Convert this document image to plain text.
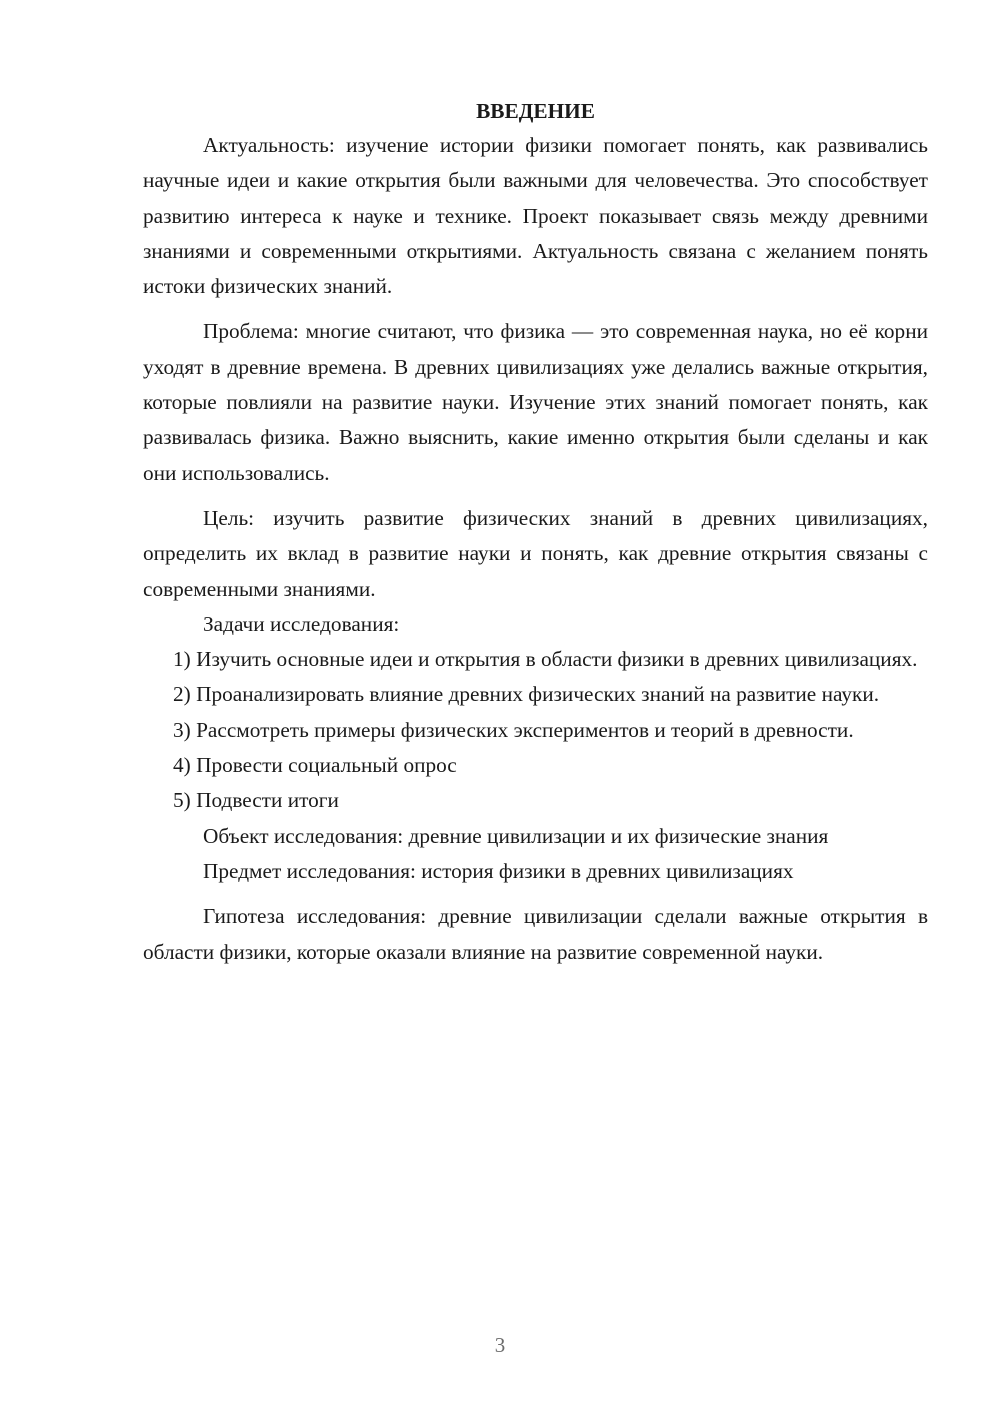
ВВЕДЕНИЕ

Актуальность: изучение истории физики помогает понять, как развивались научные идеи и какие открытия были важными для человечества. Это способствует развитию интереса к науке и технике. Проект показывает связь между древними знаниями и современными открытиями. Актуальность связана с желанием понять истоки физических знаний.

Проблема: многие считают, что физика — это современная наука, но её корни уходят в древние времена. В древних цивилизациях уже делались важные открытия, которые повлияли на развитие науки. Изучение этих знаний помогает понять, как развивалась физика. Важно выяснить, какие именно открытия были сделаны и как они использовались.

Цель: изучить развитие физических знаний в древних цивилизациях, определить их вклад в развитие науки и понять, как древние открытия связаны с современными знаниями.

Задачи исследования:

1) Изучить основные идеи и открытия в области физики в древних цивилизациях.

2) Проанализировать влияние древних физических знаний на развитие науки.

3) Рассмотреть примеры физических экспериментов и теорий в древности.

4) Провести социальный опрос

5) Подвести итоги

Объект исследования: древние цивилизации и их физические знания

Предмет исследования: история физики в древних цивилизациях

Гипотеза исследования: древние цивилизации сделали важные открытия в области физики, которые оказали влияние на развитие современной науки.

3
